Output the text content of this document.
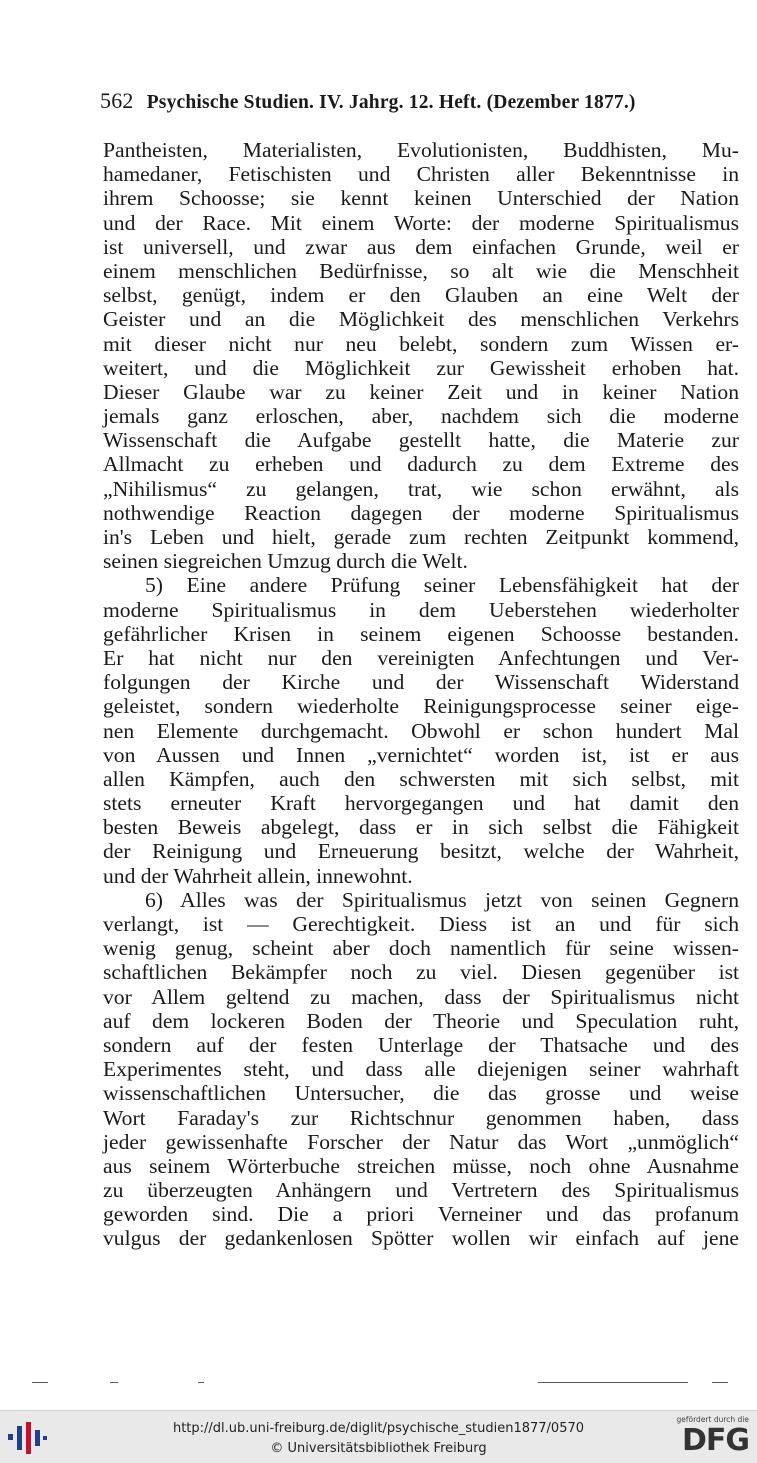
562 Psychische Studien. IV. Jahrg. 12. Heft. (Dezember 1877.)
Pantheisten, Materialisten, Evolutionisten, Buddhisten, Mu-
hamedaner, Fetischisten und Christen aller Bekenntnisse in
ihrem Schoosse; sie kennt keinen Unterschied der Nation
und der Race. Mit einem Worte: der moderne Spiritualismus
ist universell, und zwar aus dem einfachen Grunde, weil er
einem menschlichen Bedürfnisse, so alt wie die Menschheit
selbst, genügt, indem er den Glauben an eine Welt der
Geister und an die Möglichkeit des menschlichen Verkehrs
mit dieser nicht nur neu belebt, sondern zum Wissen er-
weitert, und die Möglichkeit zur Gewissheit erhoben hat.
Dieser Glaube war zu keiner Zeit und in keiner Nation
jemals ganz erloschen, aber, nachdem sich die moderne
Wissenschaft die Aufgabe gestellt hatte, die Materie zur
Allmacht zu erheben und dadurch zu dem Extreme des
„Nihilismus“ zu gelangen, trat, wie schon erwähnt, als
nothwendige Reaction dagegen der moderne Spiritualismus
in's Leben und hielt, gerade zum rechten Zeitpunkt kommend,
seinen siegreichen Umzug durch die Welt.
5) Eine andere Prüfung seiner Lebensfähigkeit hat der
moderne Spiritualismus in dem Ueberstehen wiederholter
gefährlicher Krisen in seinem eigenen Schoosse bestanden.
Er hat nicht nur den vereinigten Anfechtungen und Ver-
folgungen der Kirche und der Wissenschaft Widerstand
geleistet, sondern wiederholte Reinigungsprocesse seiner eige-
nen Elemente durchgemacht. Obwohl er schon hundert Mal
von Aussen und Innen „vernichtet“ worden ist, ist er aus
allen Kämpfen, auch den schwersten mit sich selbst, mit
stets erneuter Kraft hervorgegangen und hat damit den
besten Beweis abgelegt, dass er in sich selbst die Fähigkeit
der Reinigung und Erneuerung besitzt, welche der Wahrheit,
und der Wahrheit allein, innewohnt.
6) Alles was der Spiritualismus jetzt von seinen Gegnern
verlangt, ist — Gerechtigkeit. Diess ist an und für sich
wenig genug, scheint aber doch namentlich für seine wissen-
schaftlichen Bekämpfer noch zu viel. Diesen gegenüber ist
vor Allem geltend zu machen, dass der Spiritualismus nicht
auf dem lockeren Boden der Theorie und Speculation ruht,
sondern auf der festen Unterlage der Thatsache und des
Experimentes steht, und dass alle diejenigen seiner wahrhaft
wissenschaftlichen Untersucher, die das grosse und weise
Wort Faraday's zur Richtschnur genommen haben, dass
jeder gewissenhafte Forscher der Natur das Wort „unmöglich“
aus seinem Wörterbuche streichen müsse, noch ohne Ausnahme
zu überzeugten Anhängern und Vertretern des Spiritualismus
geworden sind. Die a priori Verneiner und das profanum
vulgus der gedankenlosen Spötter wollen wir einfach auf jene
http://dl.ub.uni-freiburg.de/diglit/psychische_studien1877/0570
© Universitätsbibliothek Freiburg
gefördert durch die
DFG
